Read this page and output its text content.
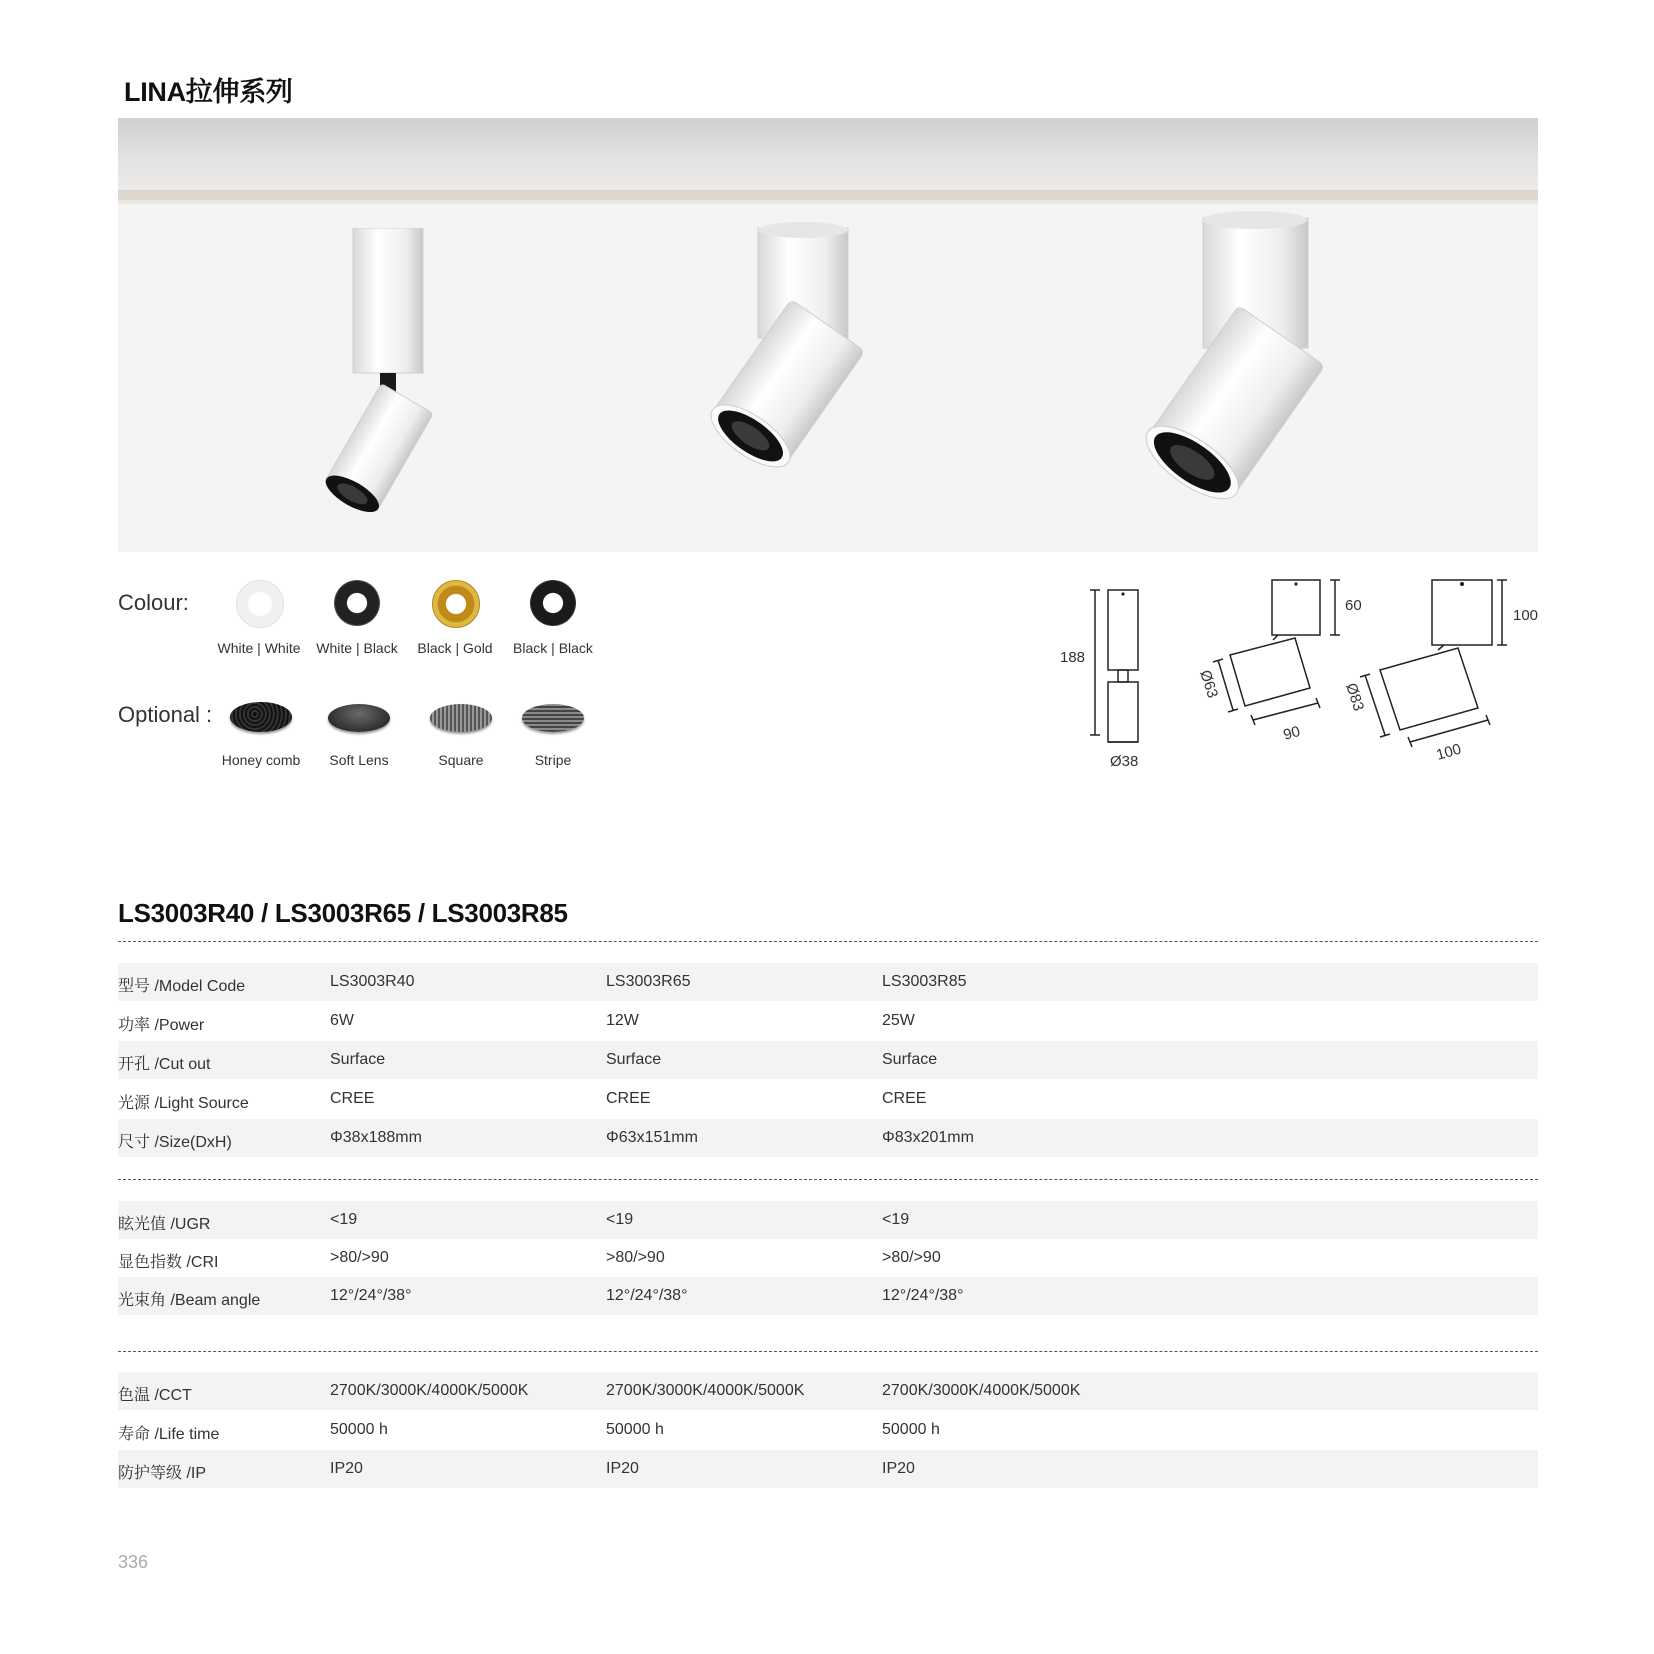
LINA拉伸系列
Colour:
White | White	White | Black	Black | Gold	Black | Black
Optional :
Honey comb	Soft Lens	Square	Stripe
188
Ø38
60
Ø63
90
100
Ø83
100
LS3003R40 / LS3003R65 / LS3003R85
型号 /Model Code	LS3003R40	LS3003R65	LS3003R85
功率 /Power	6W	12W	25W
开孔 /Cut out	Surface	Surface	Surface
光源 /Light Source	CREE	CREE	CREE
尺寸 /Size(DxH)	Φ38x188mm	Φ63x151mm	Φ83x201mm
眩光值 /UGR	<19	<19	<19
显色指数 /CRI	>80/>90	>80/>90	>80/>90
光束角 /Beam angle	12°/24°/38°	12°/24°/38°	12°/24°/38°
色温 /CCT	2700K/3000K/4000K/5000K	2700K/3000K/4000K/5000K	2700K/3000K/4000K/5000K
寿命 /Life time	50000 h	50000 h	50000 h
防护等级 /IP	IP20	IP20	IP20
336
